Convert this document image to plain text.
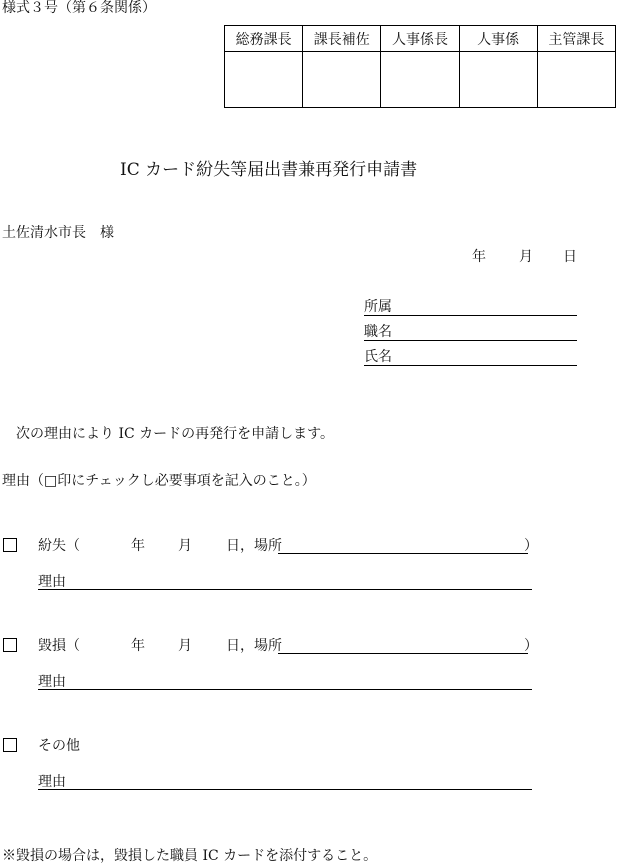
様式３号（第６条関係）
総務課長	課長補佐	人事係長	人事係	主管課長

IC カード紛失等届出書兼再発行申請書
土佐清水市長　様
年 月 日
所属
職名
氏名
次の理由により IC カードの再発行を申請します。
理由（□印にチェックし必要事項を記入のこと。）
紛失（	年 月 日，場所	）
理由
毀損（	年 月 日，場所	）
理由
その他
理由
※毀損の場合は，毀損した職員 IC カードを添付すること。
